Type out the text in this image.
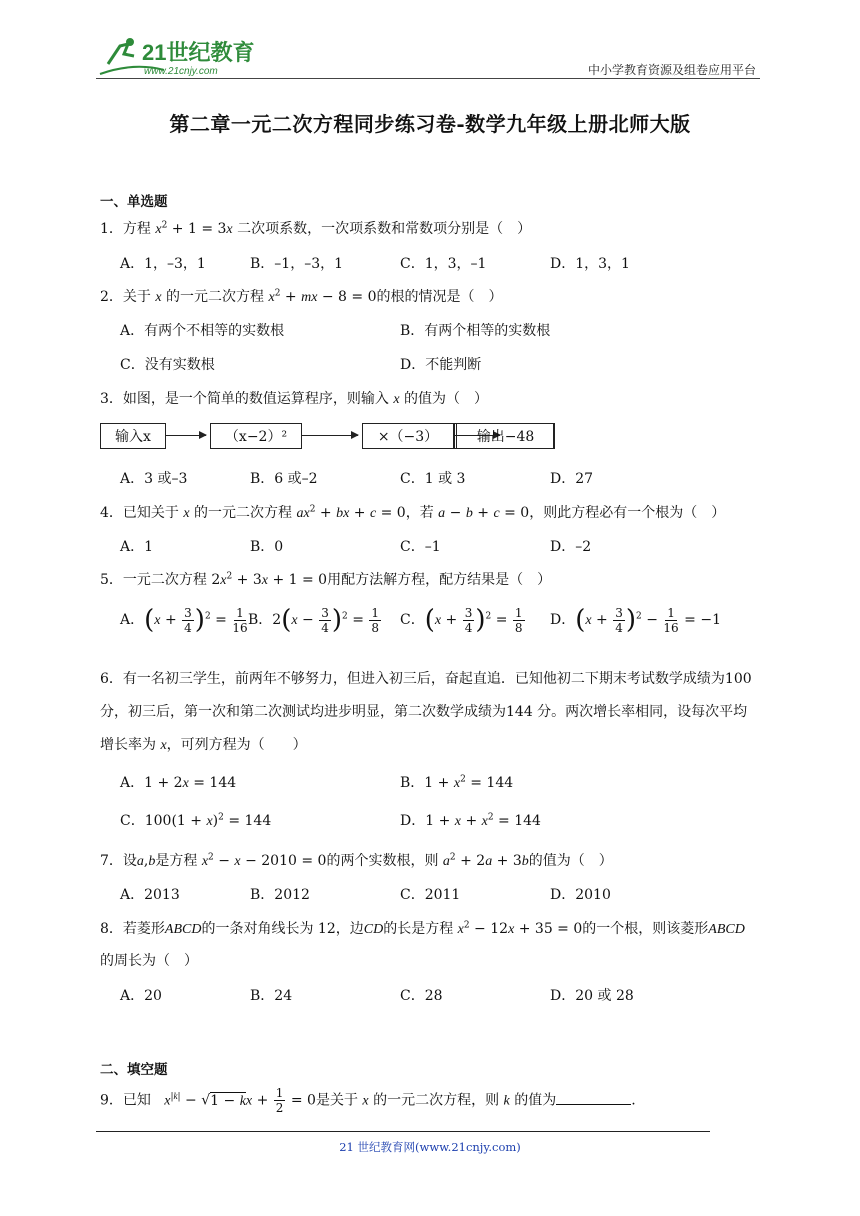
21世纪教育
www.21cnjy.com	中小学教育资源及组卷应用平台
第二章一元二次方程同步练习卷-数学九年级上册北师大版
一、单选题
1．方程 $x^2 + 1 = 3x$ 二次项系数，一次项系数和常数项分别是（　）
A．1，–3，1	B．–1，–3，1	C．1，3，–1	D．1，3，1
2．关于 x 的一元二次方程 $x^2$ + mx − 8 = 0的根的情况是（　）
A．有两个不相等的实数根	B．有两个相等的实数根
C．没有实数根	D．不能判断
3．如图，是一个简单的数值运算程序，则输入 x 的值为（　）
输入x	（x−2）²	×（−3）	输出−48
A．3 或–3	B．6 或–2	C．1 或 3	D．27
4．已知关于 x 的一元二次方程 $ax^2$ + bx + c = 0，若 a − b + c = 0，则此方程必有一个根为（　）
A．1	B．0	C．–1	D．–2
5．一元二次方程 $2x^2 + 3x + 1 = 0$用配方法解方程，配方结果是（　）
A．$(x + \frac{3}{4} )^2 = \frac{1}{16}$ B．$2(x - \frac{3}{4} )^2 = \frac{1}{8}$ C．$(x + \frac{3}{4} )^2 = \frac{1}{8}$ D．$(x + \frac{3}{4} )^2 - \frac{1}{16} = -1$
6．有一名初三学生，前两年不够努力，但进入初三后，奋起直追．已知他初二下期末考试数学成绩为100 分，初三后，第一次和第二次测试均进步明显，第二次数学成绩为144 分。两次增长率相同，设每次平均增长率为 x，可列方程为（　　）
A．1 + 2x = 144	B．$1 + x^2 = 144$
C．$100(1 + x)^2 = 144$	D．$1 + x + x^2 = 144$
7．设a,b是方程 $x^2 - x - 2010 = 0$的两个实数根，则 $a^2 + 2a + 3b$的值为（　）
A．2013	B．2012	C．2011	D．2010
8．若菱形ABCD的一条对角线长为 12，边CD的长是方程 $x^2 - 12x + 35 = 0$的一个根，则该菱形ABCD
的周长为（　）
A．20	B．24	C．28	D．20 或 28
二、填空题
9．已知 $x^{|k|} - √1$ − kx + $\frac{1}{2} = 0$是关于 x 的一元二次方程，则 k 的值为	.
21 世纪教育网(www.21cnjy.com)
